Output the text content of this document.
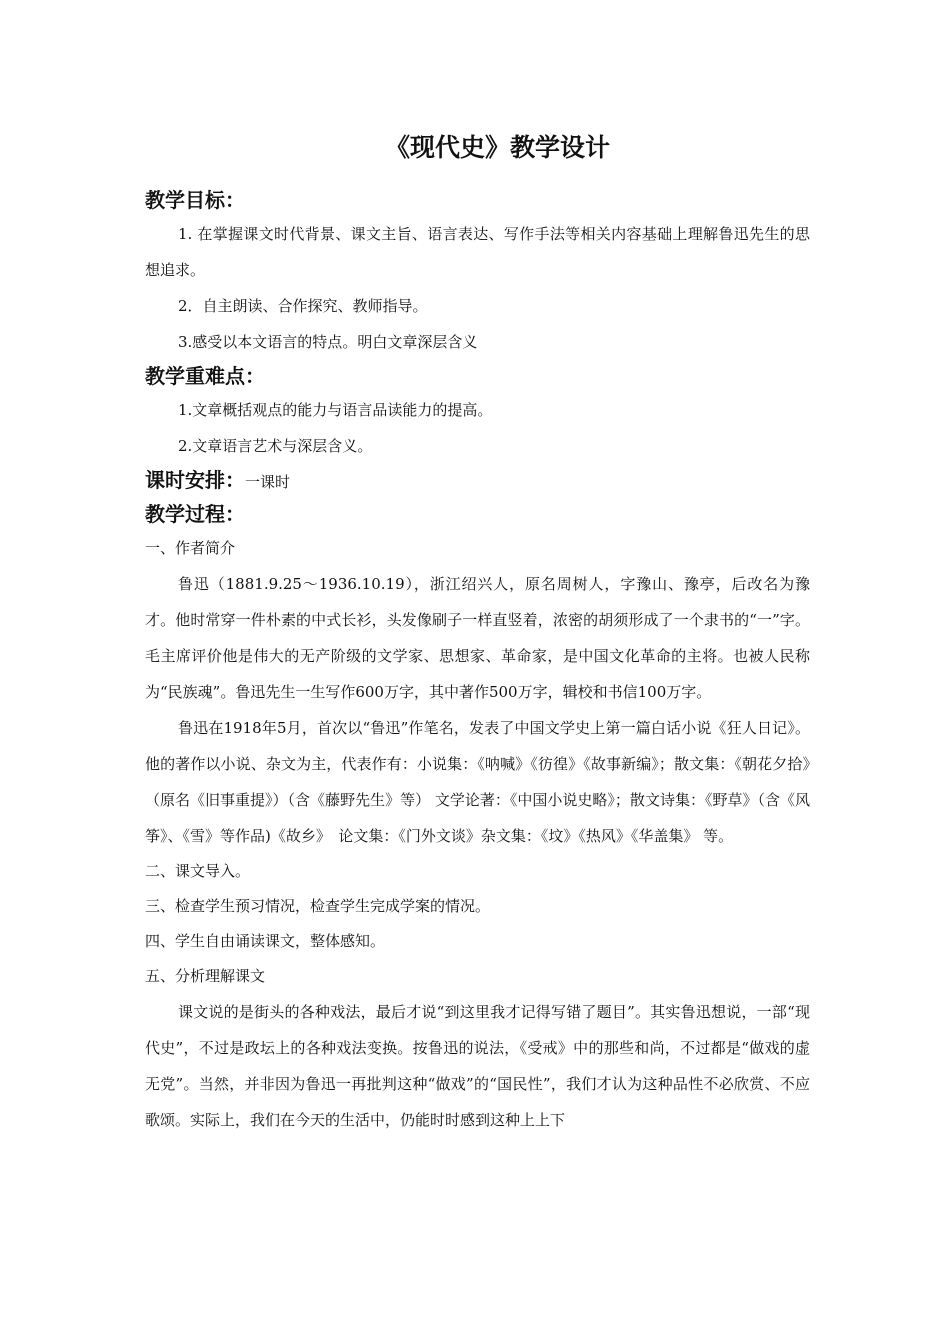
《现代史》教学设计
教学目标：

1. 在掌握课文时代背景、课文主旨、语言表达、写作手法等相关内容基础上理解鲁迅先生的思想追求。

2．自主朗读、合作探究、教师指导。

3.感受以本文语言的特点。明白文章深层含义

教学重难点：

1.文章概括观点的能力与语言品读能力的提高。

2.文章语言艺术与深层含义。

课时安排：一课时
教学过程：

一、作者简介

鲁迅（1881.9.25～1936.10.19），浙江绍兴人，原名周树人，字豫山、豫亭，后改名为豫才。他时常穿一件朴素的中式长衫，头发像刷子一样直竖着，浓密的胡须形成了一个隶书的“一”字。毛主席评价他是伟大的无产阶级的文学家、思想家、革命家，是中国文化革命的主将。也被人民称为“民族魂”。鲁迅先生一生写作600万字，其中著作500万字，辑校和书信100万字。

鲁迅在1918年5月，首次以“鲁迅”作笔名，发表了中国文学史上第一篇白话小说《狂人日记》。他的著作以小说、杂文为主，代表作有：小说集：《呐喊》《彷徨》《故事新编》；散文集：《朝花夕拾》（原名《旧事重提》）（含《藤野先生》等） 文学论著：《中国小说史略》；散文诗集：《野草》（含《风筝》、《雪》等作品)《故乡》　论文集：《门外文谈》杂文集：《坟》《热风》《华盖集》 等。

二、课文导入。

三、检查学生预习情况，检查学生完成学案的情况。

四、学生自由诵读课文，整体感知。

五、分析理解课文

课文说的是街头的各种戏法，最后才说“到这里我才记得写错了题目”。其实鲁迅想说，一部“现代史”，不过是政坛上的各种戏法变换。按鲁迅的说法，《受戒》中的那些和尚，不过都是“做戏的虚无党”。当然，并非因为鲁迅一再批判这种“做戏”的“国民性”，我们才认为这种品性不必欣赏、不应歌颂。实际上，我们在今天的生活中，仍能时时感到这种上上下
